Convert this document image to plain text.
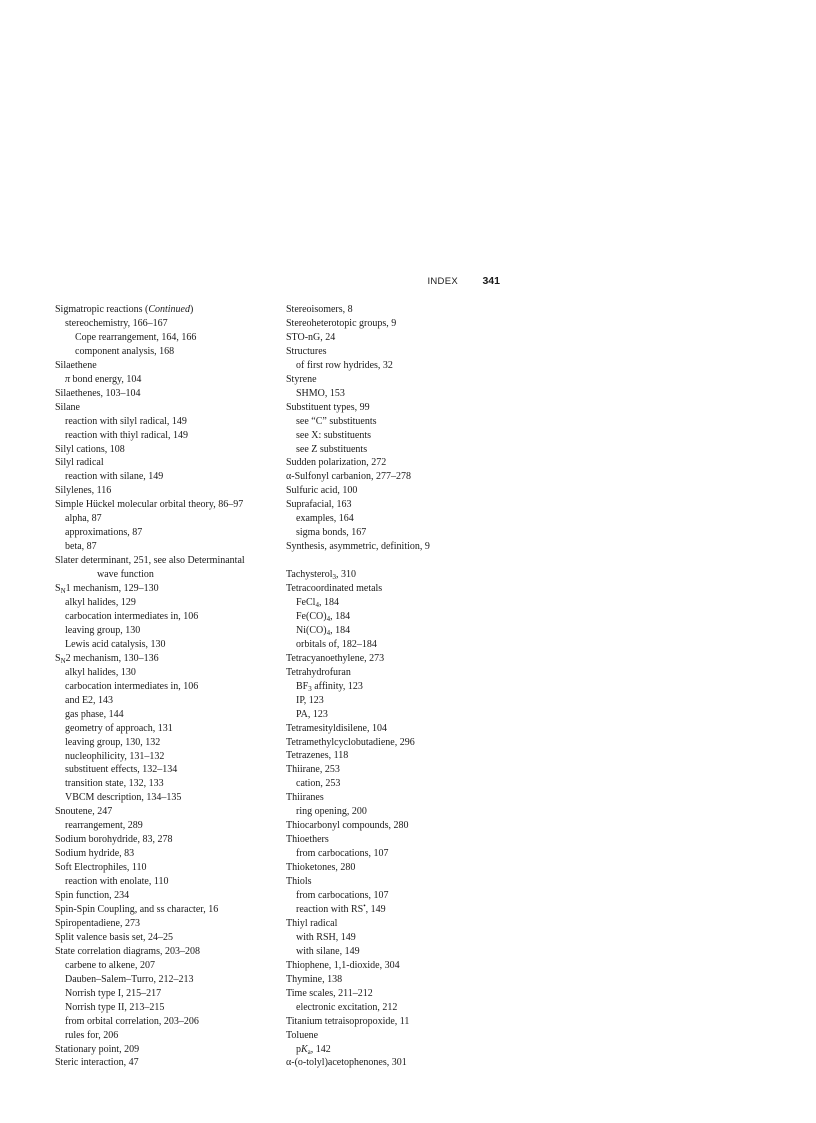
INDEX 341
Sigmatropic reactions (Continued)
stereochemistry, 166–167
Cope rearrangement, 164, 166
component analysis, 168
Silaethene
π bond energy, 104
Silaethenes, 103–104
Silane
reaction with silyl radical, 149
reaction with thiyl radical, 149
Silyl cations, 108
Silyl radical
reaction with silane, 149
Silylenes, 116
Simple Hückel molecular orbital theory, 86–97
alpha, 87
approximations, 87
beta, 87
Slater determinant, 251, see also Determinantal
wave function
$S_N1$ mechanism, 129–130
alkyl halides, 129
carbocation intermediates in, 106
leaving group, 130
Lewis acid catalysis, 130
$S_N2$ mechanism, 130–136
alkyl halides, 130
carbocation intermediates in, 106
and E2, 143
gas phase, 144
geometry of approach, 131
leaving group, 130, 132
nucleophilicity, 131–132
substituent effects, 132–134
transition state, 132, 133
VBCM description, 134–135
Snoutene, 247
rearrangement, 289
Sodium borohydride, 83, 278
Sodium hydride, 83
Soft Electrophiles, 110
reaction with enolate, 110
Spin function, 234
Spin-Spin Coupling, and ss character, 16
Spiropentadiene, 273
Split valence basis set, 24–25
State correlation diagrams, 203–208
carbene to alkene, 207
Dauben–Salem–Turro, 212–213
Norrish type I, 215–217
Norrish type II, 213–215
from orbital correlation, 203–206
rules for, 206
Stationary point, 209
Steric interaction, 47
Stereoisomers, 8
Stereoheterotopic groups, 9
STO-nG, 24
Structures
of first row hydrides, 32
Styrene
SHMO, 153
Substituent types, 99
see “C” substituents
see X: substituents
see Z substituents
Sudden polarization, 272
α-Sulfonyl carbanion, 277–278
Sulfuric acid, 100
Suprafacial, 163
examples, 164
sigma bonds, 167
Synthesis, asymmetric, definition, 9
Tachysterol$_3$, 310
Tetracoordinated metals
FeCl$_4$, 184
$Fe(CO)_4$, 184
$Ni(CO)_4$, 184
orbitals of, 182–184
Tetracyanoethylene, 273
Tetrahydrofuran
$BF_3$ affinity, 123
IP, 123
PA, 123
Tetramesityldisilene, 104
Tetramethylcyclobutadiene, 296
Tetrazenes, 118
Thiirane, 253
cation, 253
Thiiranes
ring opening, 200
Thiocarbonyl compounds, 280
Thioethers
from carbocations, 107
Thioketones, 280
Thiols
from carbocations, 107
reaction with RS•, 149
Thiyl radical
with RSH, 149
with silane, 149
Thiophene, 1,1-dioxide, 304
Thymine, 138
Time scales, 211–212
electronic excitation, 212
Titanium tetraisopropoxide, 11
Toluene
$pK_a$, 142
α-(o-tolyl)acetophenones, 301
